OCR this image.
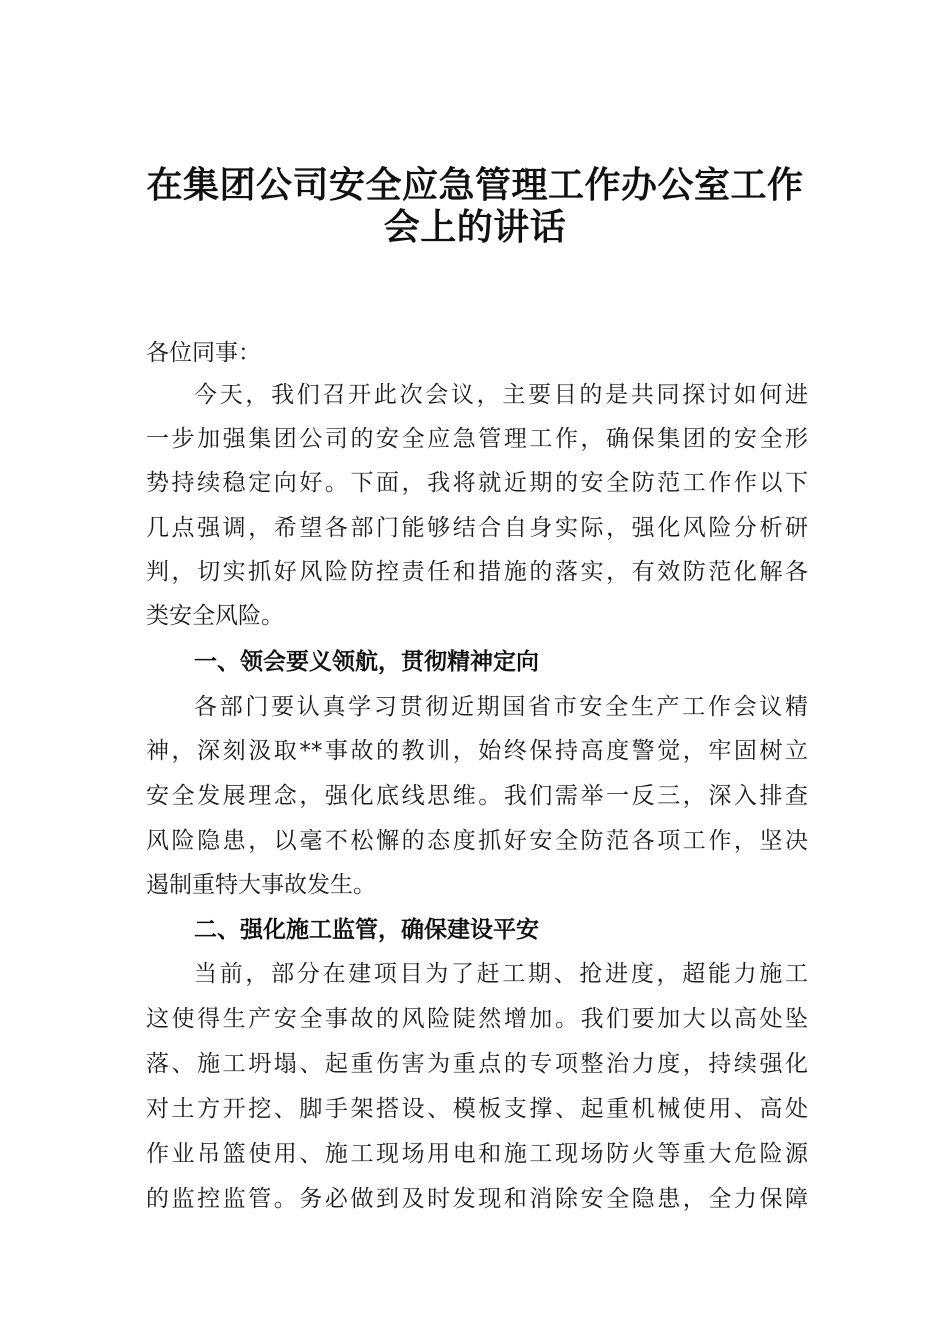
在集团公司安全应急管理工作办公室工作
会上的讲话
各位同事：
今天，我们召开此次会议，主要目的是共同探讨如何进
一步加强集团公司的安全应急管理工作，确保集团的安全形
势持续稳定向好。下面，我将就近期的安全防范工作作以下
几点强调，希望各部门能够结合自身实际，强化风险分析研
判，切实抓好风险防控责任和措施的落实，有效防范化解各
类安全风险。
一、领会要义领航，贯彻精神定向
各部门要认真学习贯彻近期国省市安全生产工作会议精
神，深刻汲取**事故的教训，始终保持高度警觉，牢固树立
安全发展理念，强化底线思维。我们需举一反三，深入排查
风险隐患，以毫不松懈的态度抓好安全防范各项工作，坚决
遏制重特大事故发生。
二、强化施工监管，确保建设平安
当前，部分在建项目为了赶工期、抢进度，超能力施工
这使得生产安全事故的风险陡然增加。我们要加大以高处坠
落、施工坍塌、起重伤害为重点的专项整治力度，持续强化
对土方开挖、脚手架搭设、模板支撑、起重机械使用、高处
作业吊篮使用、施工现场用电和施工现场防火等重大危险源
的监控监管。务必做到及时发现和消除安全隐患，全力保障
